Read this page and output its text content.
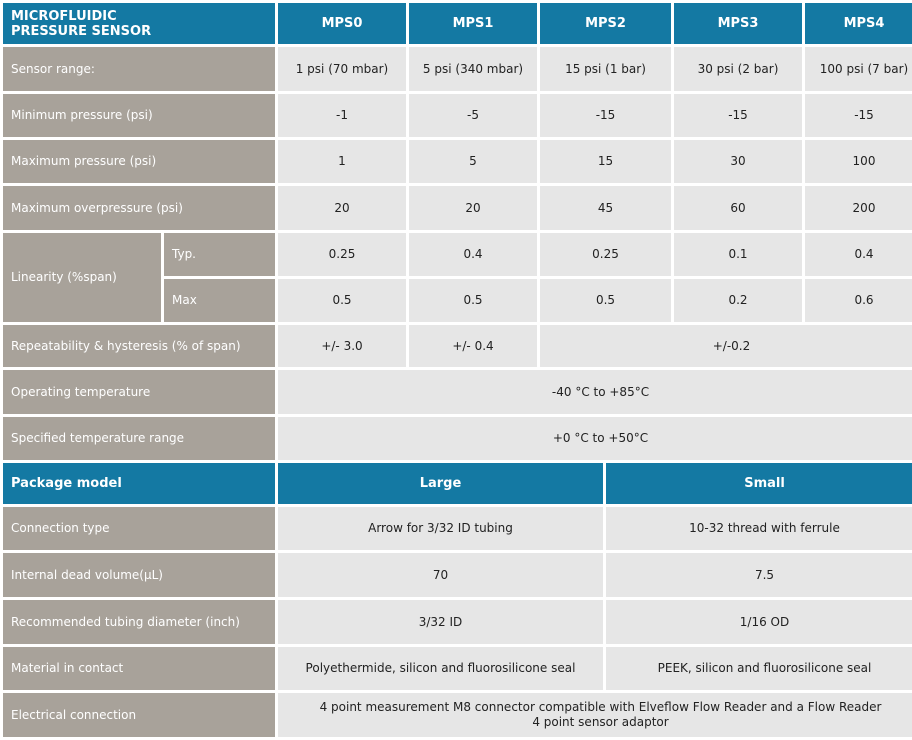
MICROFLUIDIC
PRESSURE SENSOR		MPS0	MPS1	MPS2		MPS3	MPS4
Sensor range:		1 psi (70 mbar)	5 psi (340 mbar)	15 psi (1 bar)		30 psi (2 bar)	100 psi (7 bar)
Minimum pressure (psi)		-1	-5	-15		-15	-15
Maximum pressure (psi)		1	5	15		30	100
Maximum overpressure (psi)		20	20	45		60	200
Linearity (%span)	Typ.	0.25	0.4	0.25		0.1	0.4
	Max	0.5	0.5	0.5		0.2	0.6
Repeatability & hysteresis (% of span)		+/- 3.0	+/- 0.4	+/-0.2			
Operating temperature		-40 °C to +85°C					
Specified temperature range		+0 °C to +50°C					
Package model		Large			Small		
Connection type		Arrow for 3/32 ID tubing			10-32 thread with ferrule		
Internal dead volume(µL)		70			7.5		
Recommended tubing diameter (inch)		3/32 ID			1/16 OD		
Material in contact		Polyethermide, silicon and fluorosilicone seal			PEEK, silicon and fluorosilicone seal		
Electrical connection		4 point measurement M8 connector compatible with Elveflow Flow Reader and a Flow Reader
4 point sensor adaptor					
